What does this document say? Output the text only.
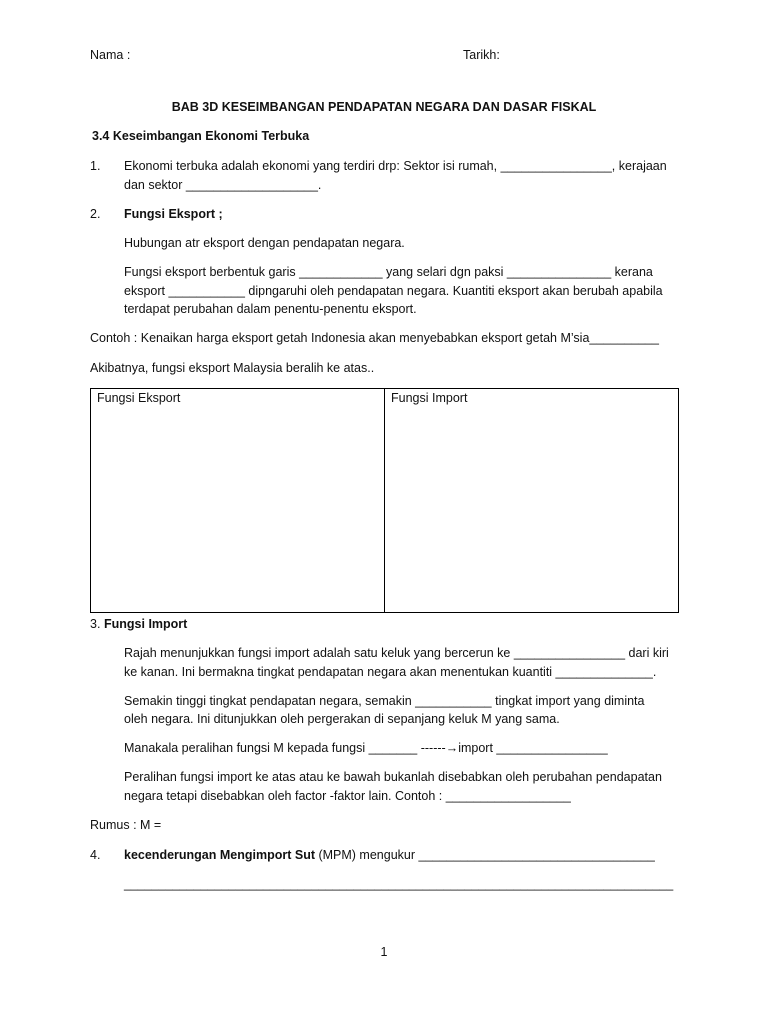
Nama :	Tarikh:
BAB 3D KESEIMBANGAN PENDAPATAN NEGARA DAN DASAR FISKAL
3.4 Keseimbangan Ekonomi Terbuka
1. Ekonomi terbuka adalah ekonomi yang terdiri drp: Sektor isi rumah, ________________, kerajaan
dan sektor ___________________.
2. Fungsi Eksport ;
Hubungan atr eksport dengan pendapatan negara.
Fungsi eksport berbentuk garis ____________ yang selari dgn paksi _______________ kerana
eksport ___________ dipngaruhi oleh pendapatan negara. Kuantiti eksport akan berubah apabila
terdapat perubahan dalam penentu-penentu eksport.
Contoh : Kenaikan harga eksport getah Indonesia akan menyebabkan eksport getah M’sia__________
Akibatnya, fungsi eksport Malaysia beralih ke atas..
Fungsi Eksport	Fungsi Import
3. Fungsi Import
Rajah menunjukkan fungsi import adalah satu keluk yang bercerun ke ________________ dari kiri
ke kanan. Ini bermakna tingkat pendapatan negara akan menentukan kuantiti ______________.
Semakin tinggi tingkat pendapatan negara, semakin ___________ tingkat import yang diminta
oleh negara. Ini ditunjukkan oleh pergerakan di sepanjang keluk M yang sama.
Manakala peralihan fungsi M kepada fungsi _______ ------→import ________________
Peralihan fungsi import ke atas atau ke bawah bukanlah disebabkan oleh perubahan pendapatan
negara tetapi disebabkan oleh factor -faktor lain. Contoh : __________________
Rumus : M =
4. kecenderungan Mengimport Sut (MPM) mengukur __________________________________
_______________________________________________________________________________
1
